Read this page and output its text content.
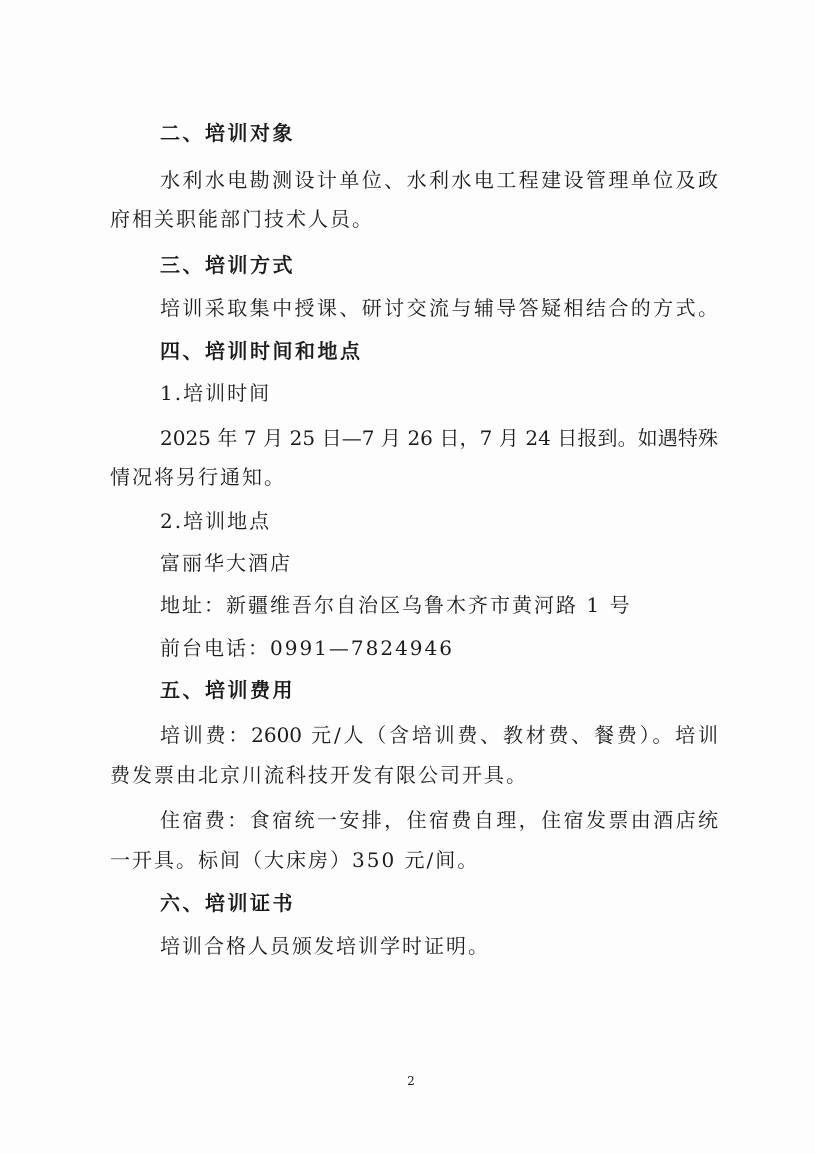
二、培训对象
水利水电勘测设计单位、水利水电工程建设管理单位及政
府相关职能部门技术人员。
三、培训方式
培训采取集中授课、研讨交流与辅导答疑相结合的方式。
四、培训时间和地点
1.培训时间
2025 年 7 月 25 日—7 月 26 日，7 月 24 日报到。如遇特殊
情况将另行通知。
2.培训地点
富丽华大酒店
地址：新疆维吾尔自治区乌鲁木齐市黄河路 1 号
前台电话：0991—7824946
五、培训费用
培训费：2600 元/人（含培训费、教材费、餐费）。培训
费发票由北京川流科技开发有限公司开具。
住宿费：食宿统一安排，住宿费自理，住宿发票由酒店统
一开具。标间（大床房）350 元/间。
六、培训证书
培训合格人员颁发培训学时证明。
2
